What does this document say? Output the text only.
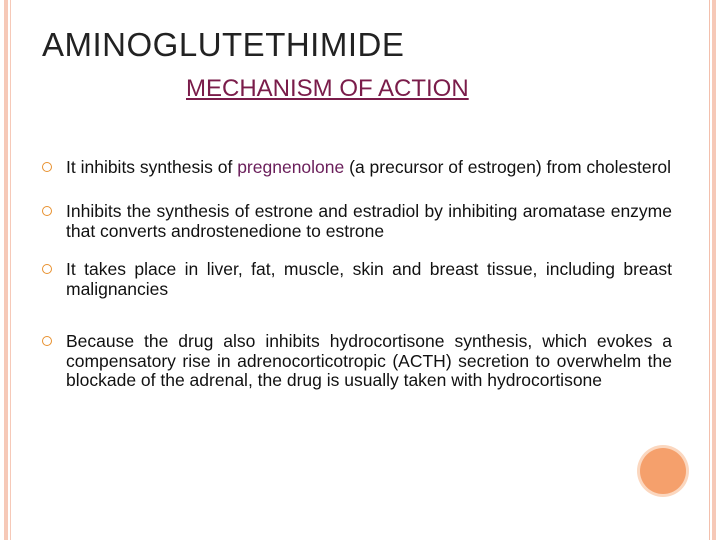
AMINOGLUTETHIMIDE
MECHANISM OF ACTION
It inhibits synthesis of pregnenolone (a precursor of estrogen) from cholesterol
Inhibits the synthesis of estrone and estradiol by inhibiting aromatase enzyme that converts androstenedione to estrone
It takes place in liver, fat, muscle, skin and breast tissue, including breast malignancies
Because the drug also inhibits hydrocortisone synthesis, which evokes a compensatory rise in adrenocorticotropic (ACTH) secretion to overwhelm the blockade of the adrenal, the drug is usually taken with hydrocortisone
